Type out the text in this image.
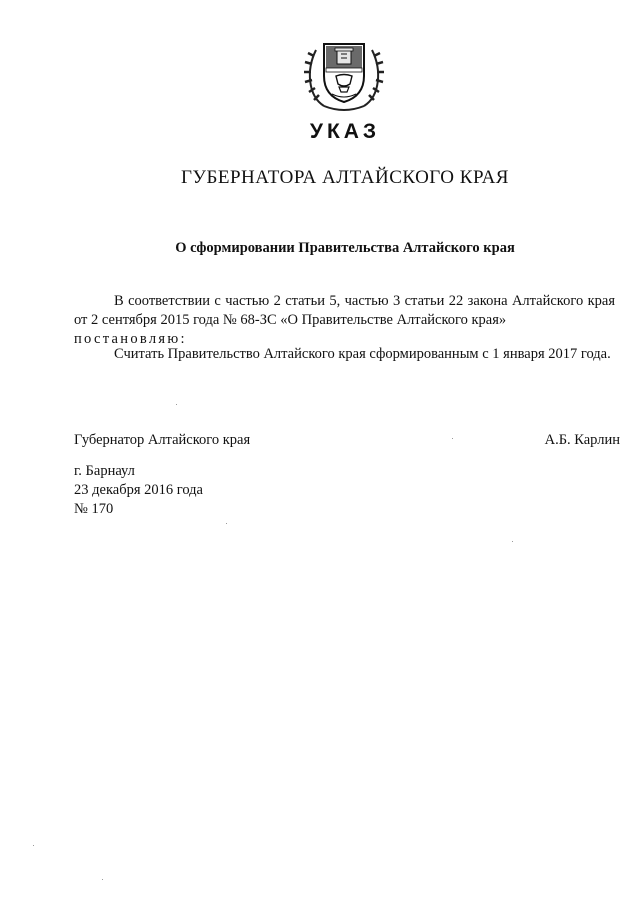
УКАЗ
ГУБЕРНАТОРА АЛТАЙСКОГО КРАЯ
О сформировании Правительства Алтайского края
В соответствии с частью 2 статьи 5, частью 3 статьи 22 закона Алтайского края от 2 сентября 2015 года № 68-ЗС «О Правительстве Алтайского края»
постановляю:
Считать Правительство Алтайского края сформированным с 1 января 2017 года.
Губернатор Алтайского края	А.Б. Карлин
г. Барнаул
23 декабря 2016 года
№ 170
